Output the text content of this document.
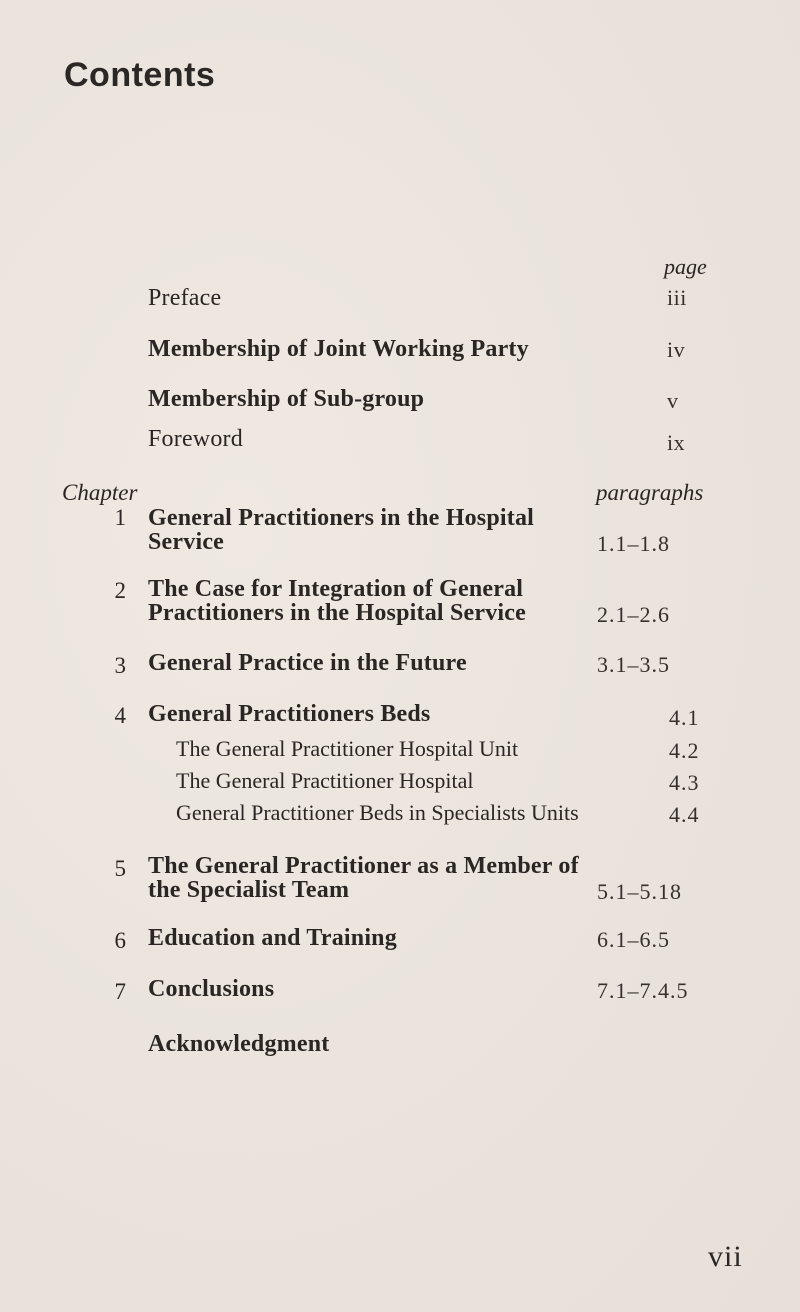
Contents
page
Preface	iii
Membership of Joint Working Party	iv
Membership of Sub-group	v
Foreword	ix
Chapter	paragraphs
1 General Practitioners in the Hospital
Service	1.1–1.8
2 The Case for Integration of General
Practitioners in the Hospital Service	2.1–2.6
3 General Practice in the Future	3.1–3.5
4 General Practitioners Beds	4.1
The General Practitioner Hospital Unit	4.2
The General Practitioner Hospital	4.3
General Practitioner Beds in Specialists Units	4.4
5 The General Practitioner as a Member of
the Specialist Team	5.1–5.18
6 Education and Training	6.1–6.5
7 Conclusions	7.1–7.4.5
Acknowledgment
vii
